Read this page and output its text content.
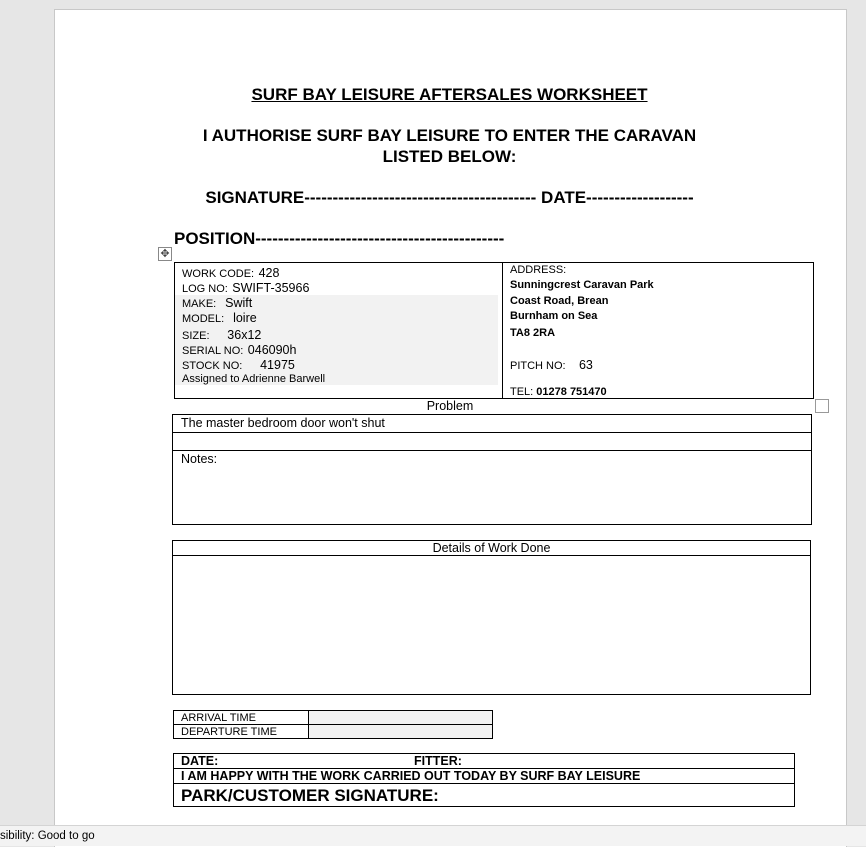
SURF BAY LEISURE AFTERSALES WORKSHEET
I AUTHORISE SURF BAY LEISURE TO ENTER THE CARAVAN
LISTED BELOW:
SIGNATURE----------------------------------------- DATE-------------------
POSITION--------------------------------------------
✥
WORK CODE: 428
LOG NO: SWIFT-35966
MAKE: Swift
MODEL: loire
SIZE: 36x12
SERIAL NO: 046090h
STOCK NO: 41975
Assigned to Adrienne Barwell
ADDRESS:
Sunningcrest Caravan Park
Coast Road, Brean
Burnham on Sea
TA8 2RA
PITCH NO: 63
TEL: 01278 751470
Problem
The master bedroom door won't shut
Notes:
Details of Work Done
ARRIVAL TIME
DEPARTURE TIME
DATE:	FITTER:
I AM HAPPY WITH THE WORK CARRIED OUT TODAY BY SURF BAY LEISURE
PARK/CUSTOMER SIGNATURE:
sibility: Good to go
